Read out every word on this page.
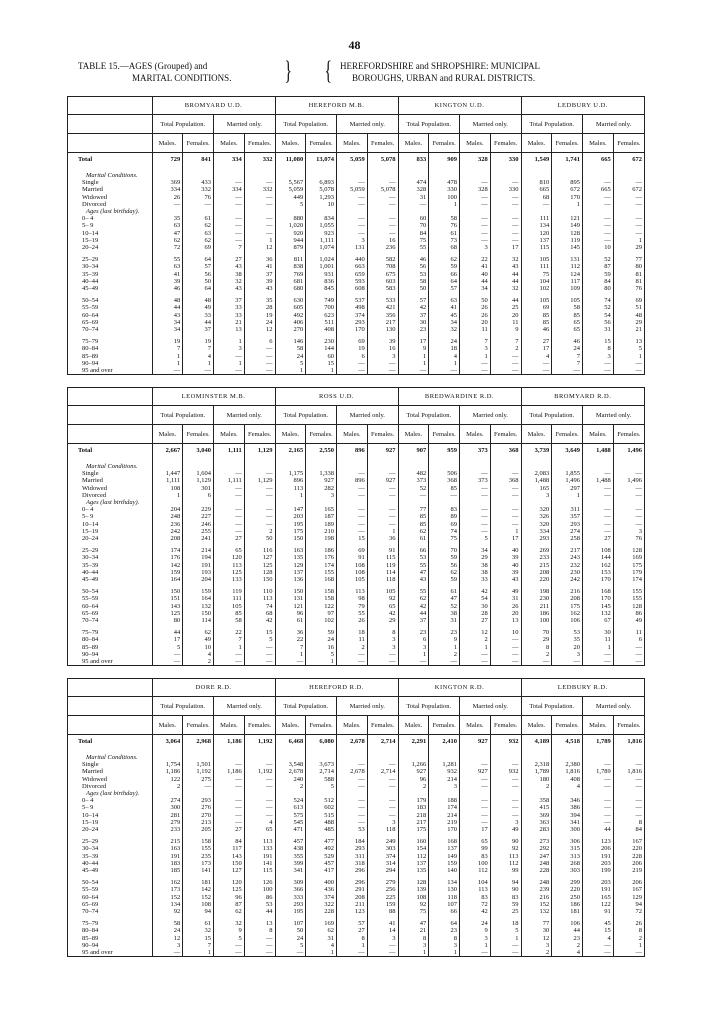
48
TABLE 15.—AGES (Grouped) and
MARITAL CONDITIONS. } { HEREFORDSHIRE and SHROPSHIRE: MUNICIPAL
BOROUGHS, URBAN and RURAL DISTRICTS.
	BROMYARD U.D.				HEREFORD M.B.				KINGTON U.D.				LEDBURY U.D.			
	Total Population.		Married only.		Total Population.		Married only.		Total Population.		Married only.		Total Population.		Married only.	
	Males.	Females.	Males.	Females.	Males.	Females.	Males.	Females.	Males.	Females.	Males.	Females.	Males.	Females.	Males.	Females.
Total	729	841	334	332	11,080	13,074	5,059	5,078	833	909	328	330	1,549	1,741	665	672

Marital Conditions.																
Single	369	433	—	—	5,567	6,893	—	—	474	478	—	—	810	895	—	—
Married	334	332	334	332	5,059	5,078	5,059	5,078	328	330	328	330	665	672	665	672
Widowed	26	76	—	—	449	1,293	—	—	31	100	—	—	68	170	—	—
Divorced	—	—	—	—	5	10	—	—	—	1	—	—	—	1	—	—
Ages (last birthday).																
0– 4	35	61	—	—	880	834	—	—	60	58	—	—	111	121	—	—
5– 9	63	62	—	—	1,020	1,055	—	—	70	76	—	—	134	149	—	—
10–14	47	63	—	—	920	923	—	—	84	61	—	—	120	128	—	—
15–19	62	62	—	1	944	1,111	3	16	75	73	—	—	137	119	—	1
20–24	72	69	7	12	879	1,074	131	236	55	68	3	17	115	145	10	29

25–29	55	64	27	36	811	1,024	440	582	46	62	22	32	105	131	52	77
30–34	63	57	43	41	838	1,001	663	708	56	59	41	43	111	112	87	80
35–39	41	56	38	37	769	931	659	675	53	66	40	44	75	124	59	81
40–44	39	50	32	39	681	836	593	603	58	64	44	44	104	117	84	81
45–49	46	64	43	43	680	845	608	583	50	57	34	32	102	109	80	76

50–54	48	48	37	35	630	749	537	533	57	63	50	44	105	105	74	69
55–59	44	49	33	28	605	700	498	421	42	41	26	25	69	58	52	51
60–64	43	33	33	19	492	623	374	356	37	45	26	20	85	85	54	48
65–69	34	44	21	24	406	511	293	217	30	34	20	11	85	65	56	29
70–74	34	37	13	12	270	408	170	130	23	32	11	9	46	65	31	21

75–79	19	19	1	6	146	230	69	39	17	24	7	7	27	46	15	13
80–84	7	7	3	—	58	144	19	16	9	18	3	2	17	24	8	5
85–89	1	4	—	—	24	60	6	3	1	4	1	—	4	7	3	1
90–94	1	1	1	—	5	15	—	—	1	1	—	—	—	7	—	—
95 and over	—	—	—	—	1	1	—	—	—	—	—	—	—	—	—	—
	LEOMINSTER M.B.				ROSS U.D.				BREDWARDINE R.D.				BROMYARD R.D.			
	Total Population.		Married only.		Total Population.		Married only.		Total Population.		Married only.		Total Population.		Married only.	
	Males.	Females.	Males.	Females.	Males.	Females.	Males.	Females.	Males.	Females.	Males.	Females.	Males.	Females.	Males.	Females.
Total	2,667	3,040	1,111	1,129	2,165	2,550	896	927	907	959	373	368	3,739	3,649	1,488	1,496

Marital Conditions.																
Single	1,447	1,604	—	—	1,175	1,338	—	—	482	506	—	—	2,083	1,855	—	—
Married	1,111	1,129	1,111	1,129	896	927	896	927	373	368	373	368	1,488	1,496	1,488	1,496
Widowed	108	301	—	—	113	282	—	—	52	85	—	—	165	297	—	—
Divorced	1	6	—	—	1	3	—	—	—	—	—	—	3	1	—	—
Ages (last birthday).																
0– 4	204	229	—	—	147	165	—	—	77	83	—	—	320	311	—	—
5– 9	248	227	—	—	203	187	—	—	85	89	—	—	326	357	—	—
10–14	236	246	—	—	195	189	—	—	85	69	—	—	320	293	—	—
15–19	242	255	—	2	175	210	—	1	62	74	—	1	334	274	—	3
20–24	208	241	27	50	150	198	15	36	61	75	5	17	293	258	27	76

25–29	174	214	65	116	163	186	69	91	66	70	34	40	269	217	108	128
30–34	176	194	120	127	135	176	91	115	53	59	29	39	233	243	144	169
35–39	142	191	113	125	129	174	108	119	55	56	38	40	215	232	162	175
40–44	159	193	125	128	137	155	108	114	47	62	38	39	208	230	153	179
45–49	164	204	133	150	136	168	105	118	43	59	33	43	220	242	170	174

50–54	150	159	119	110	150	158	113	105	55	61	42	49	198	216	168	155
55–59	151	164	111	113	131	158	98	92	62	47	54	31	230	208	170	155
60–64	143	132	105	74	121	122	79	65	42	52	30	26	211	175	145	128
65–69	125	150	85	68	96	97	55	42	44	38	28	20	186	162	132	86
70–74	80	114	58	42	61	102	26	29	37	31	27	13	100	106	67	49

75–79	44	62	22	15	36	59	18	8	23	23	12	10	70	53	30	11
80–84	17	49	7	5	22	24	11	3	6	9	2	—	29	35	11	6
85–89	5	10	1	—	7	16	2	3	3	1	1	—	8	20	1	—
90–94	—	4	—	—	1	5	—	—	1	2	—	—	2	3	—	—
95 and over	—	2	—	—	—	1	—	—	—	—	—	—	—	—	—	—
	DORE R.D.				HEREFORD R.D.				KINGTON R.D.				LEDBURY R.D.			
	Total Population.		Married only.		Total Population.		Married only.		Total Population.		Married only.		Total Population.		Married only.	
	Males.	Females.	Males.	Females.	Males.	Females.	Males.	Females.	Males.	Females.	Males.	Females.	Males.	Females.	Males.	Females.
Total	3,064	2,968	1,186	1,192	6,468	6,080	2,678	2,714	2,291	2,410	927	932	4,189	4,518	1,789	1,816

Marital Conditions.																
Single	1,754	1,501	—	—	3,548	3,673	—	—	1,266	1,281	—	—	2,318	2,380	—	—
Married	1,186	1,192	1,186	1,192	2,678	2,714	2,678	2,714	927	932	927	932	1,789	1,816	1,789	1,816
Widowed	122	275	—	—	240	588	—	—	96	214	—	—	180	408	—	—
Divorced	2	—	—	—	2	5	—	—	2	3	—	—	2	4	—	—
Ages (last birthday).																
0– 4	274	293	—	—	524	512	—	—	179	188	—	—	358	346	—	—
5– 9	300	276	—	—	613	602	—	—	183	174	—	—	415	386	—	—
10–14	281	270	—	—	575	515	—	—	218	214	—	—	369	394	—	—
15–19	279	213	—	4	545	488	—	3	217	219	—	3	363	341	—	8
20–24	233	205	27	65	471	485	53	118	175	170	17	49	283	300	44	84

25–29	215	158	84	113	457	477	184	249	160	168	65	90	273	306	123	167
30–34	163	155	117	133	438	492	293	303	154	137	99	92	292	315	206	220
35–39	191	235	143	191	355	529	311	374	112	149	83	113	247	313	191	228
40–44	183	173	150	141	399	457	318	314	137	159	100	112	248	268	203	206
45–49	185	141	127	115	341	417	296	294	135	140	112	99	228	303	199	219

50–54	162	181	120	126	309	400	296	279	128	134	104	94	248	299	203	206
55–59	173	142	125	100	366	436	291	256	139	130	113	90	239	220	191	167
60–64	152	152	96	86	333	374	208	225	108	118	83	83	216	250	165	129
65–69	134	108	87	53	293	322	211	159	92	107	72	59	152	186	122	94
70–74	92	94	62	44	195	228	123	88	75	66	42	25	132	181	91	72

75–79	58	61	32	13	107	169	57	41	47	64	24	18	77	106	45	26
80–84	24	32	9	8	50	62	27	14	21	23	9	5	30	44	15	8
85–89	12	15	5	—	24	31	8	3	8	8	3	1	12	23	4	2
90–94	3	7	—	—	5	4	1	—	3	3	1	—	3	2	—	1
95 and over	—	1	—	—	—	1	—	—	1	1	—	—	2	4	—	—
